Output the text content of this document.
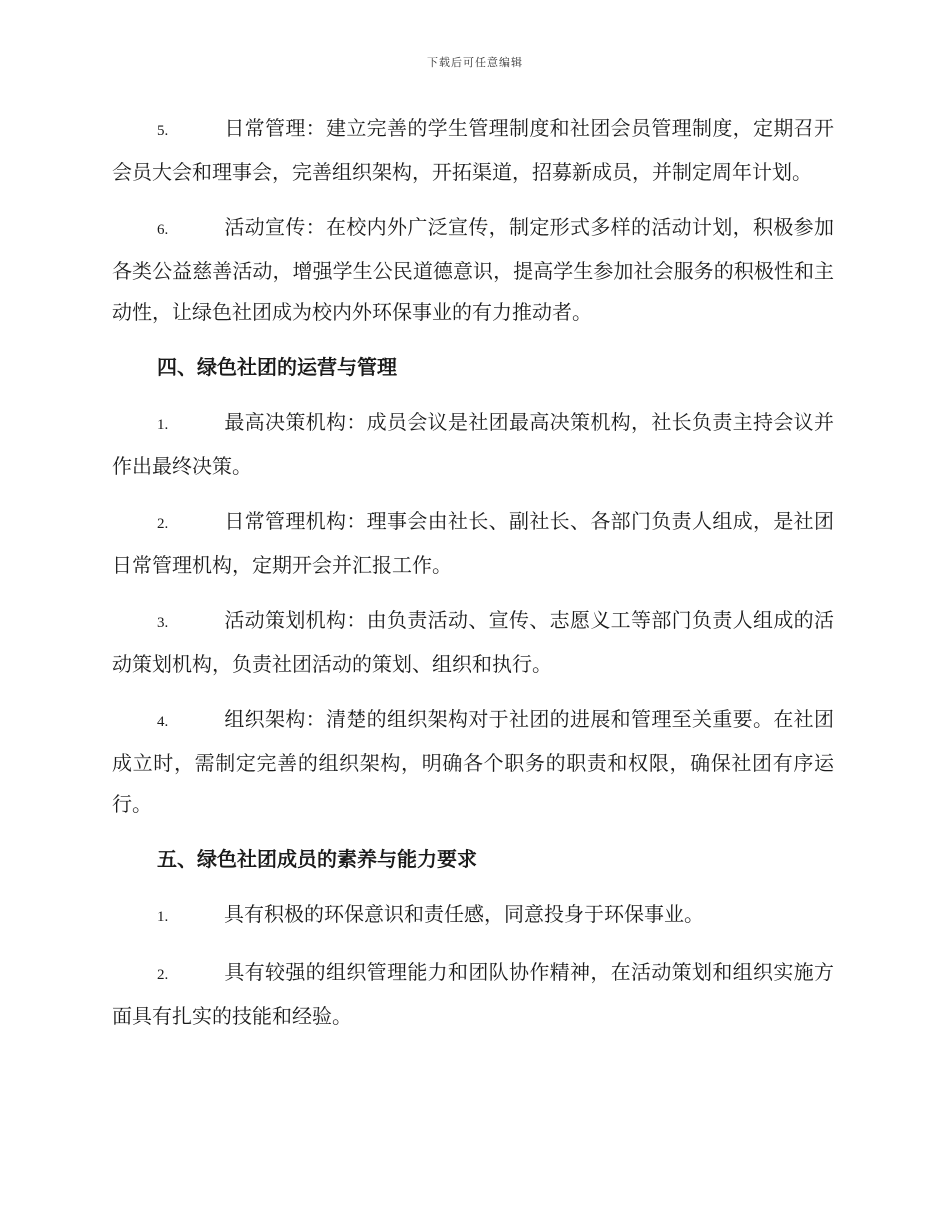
下载后可任意编辑

5.	日常管理：建立完善的学生管理制度和社团会员管理制度，定期召开会员大会和理事会，完善组织架构，开拓渠道，招募新成员，并制定周年计划。

6.	活动宣传：在校内外广泛宣传，制定形式多样的活动计划，积极参加各类公益慈善活动，增强学生公民道德意识，提高学生参加社会服务的积极性和主动性，让绿色社团成为校内外环保事业的有力推动者。

四、绿色社团的运营与管理

1.	最高决策机构：成员会议是社团最高决策机构，社长负责主持会议并作出最终决策。

2.	日常管理机构：理事会由社长、副社长、各部门负责人组成，是社团日常管理机构，定期开会并汇报工作。

3.	活动策划机构：由负责活动、宣传、志愿义工等部门负责人组成的活动策划机构，负责社团活动的策划、组织和执行。

4.	组织架构：清楚的组织架构对于社团的进展和管理至关重要。在社团成立时，需制定完善的组织架构，明确各个职务的职责和权限，确保社团有序运行。

五、绿色社团成员的素养与能力要求

1.	具有积极的环保意识和责任感，同意投身于环保事业。

2.	具有较强的组织管理能力和团队协作精神，在活动策划和组织实施方面具有扎实的技能和经验。
